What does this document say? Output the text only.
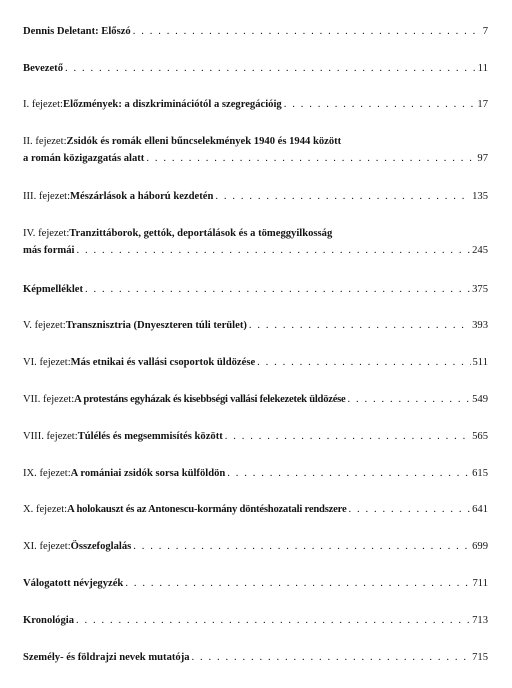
Dennis Deletant: Előszó . . .	7
Bevezető . . .	11
I. fejezet: Előzmények: a diszkriminációtól a szegregációig . . .	17
II. fejezet: Zsidók és romák elleni bűncselekmények 1940 és 1944 között
a román közigazgatás alatt . . .	97
III. fejezet: Mészárlások a háború kezdetén . . .	135
IV. fejezet: Tranzittáborok, gettók, deportálások és a tömeggyilkosság
más formái . . .	245
Képmelléklet . . .	375
V. fejezet: Transznisztria (Dnyeszteren túli terület) . . .	393
VI. fejezet: Más etnikai és vallási csoportok üldözése . . .	511
VII. fejezet: A protestáns egyházak és kisebbségi vallási felekezetek üldözése . . .	549
VIII. fejezet: Túlélés és megsemmisítés között . . .	565
IX. fejezet: A romániai zsidók sorsa külföldön . . .	615
X. fejezet: A holokauszt és az Antonescu-kormány döntéshozatali rendszere . . .	641
XI. fejezet: Összefoglalás . . .	699
Válogatott névjegyzék . . .	711
Kronológia . . .	713
Személy- és földrajzi nevek mutatója . . .	715
